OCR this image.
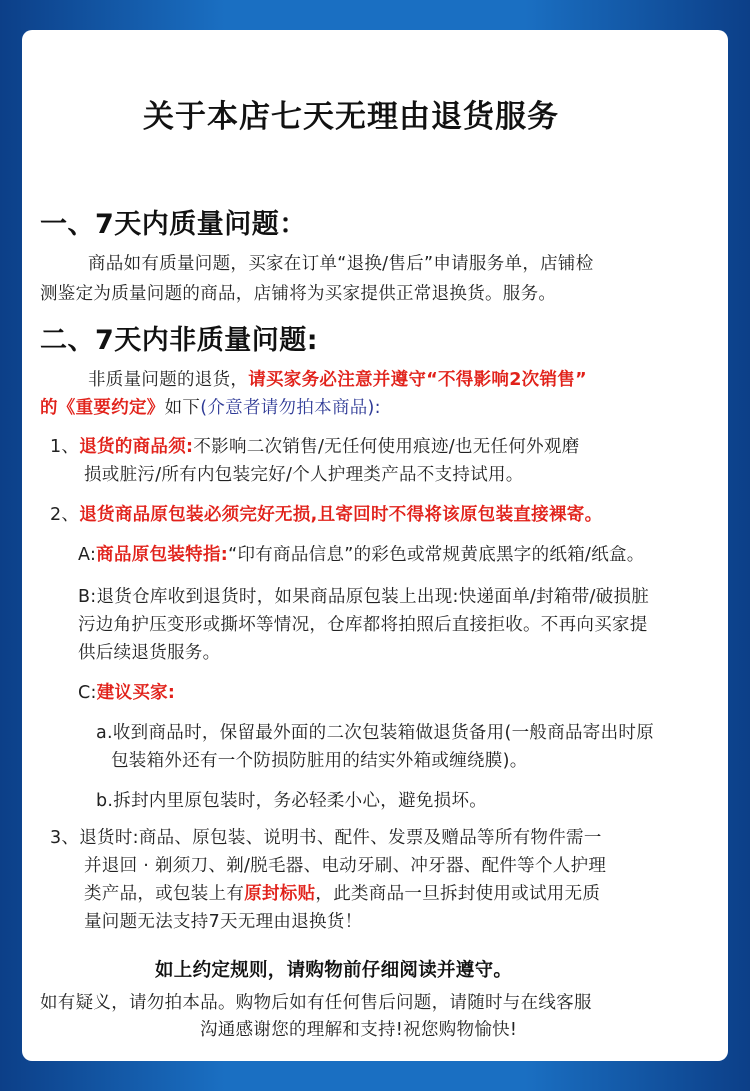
关于本店七天无理由退货服务
一、7天内质量问题：
商品如有质量问题，买家在订单“退换/售后”申请服务单，店铺检
测鉴定为质量问题的商品，店铺将为买家提供正常退换货。服务。
二、7天内非质量问题:
非质量问题的退货，请买家务必注意并遵守“不得影响2次销售”
的《重要约定》如下(介意者请勿拍本商品):
1、退货的商品须:不影响二次销售/无任何使用痕迹/也无任何外观磨
损或脏污/所有内包装完好/个人护理类产品不支持试用。
2、退货商品原包装必须完好无损,且寄回时不得将该原包装直接裸寄。
A:商品原包装特指:“印有商品信息”的彩色或常规黄底黑字的纸箱/纸盒。
B:退货仓库收到退货时，如果商品原包装上出现:快递面单/封箱带/破损脏
污边角护压变形或撕坏等情况，仓库都将拍照后直接拒收。不再向买家提
供后续退货服务。
C:建议买家:
a.收到商品时，保留最外面的二次包装箱做退货备用(一般商品寄出时原
包装箱外还有一个防损防脏用的结实外箱或缠绕膜)。
b.拆封内里原包装时，务必轻柔小心，避免损坏。
3、退货时:商品、原包装、说明书、配件、发票及赠品等所有物件需一
并退回 · 剃须刀、剃/脱毛器、电动牙刷、冲牙器、配件等个人护理
类产品，或包装上有原封标贴，此类商品一旦拆封使用或试用无质
量问题无法支持7天无理由退换货！
如上约定规则，请购物前仔细阅读并遵守。
如有疑义，请勿拍本品。购物后如有任何售后问题，请随时与在线客服
沟通感谢您的理解和支持!祝您购物愉快!
